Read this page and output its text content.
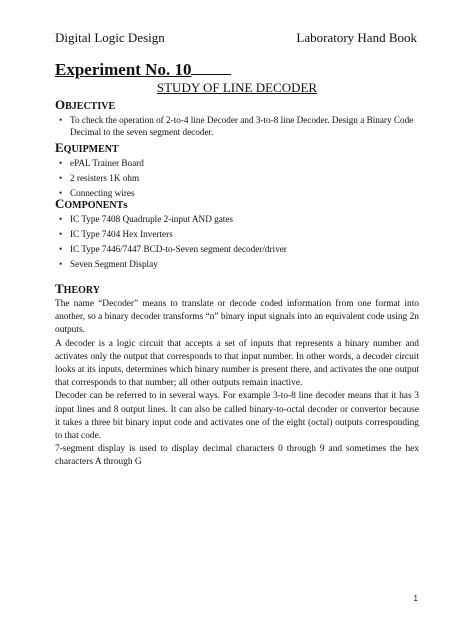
Digital Logic Design	Laboratory Hand Book
Experiment No. 10
STUDY OF LINE DECODER
OBJECTIVE
• To check the operation of 2-to-4 line Decoder and 3-to-8 line Decoder. Design a Binary Code Decimal to the seven segment decoder.
EQUIPMENT
• ePAL Trainer Board
• 2 resisters 1K ohm
• Connecting wires
COMPONENTs
• IC Type 7408 Quadruple 2-input AND gates
• IC Type 7404 Hex Inverters
• IC Type 7446/7447 BCD-to-Seven segment decoder/driver
• Seven Segment Display
THEORY

The name “Decoder” means to translate or decode coded information from one format into another, so a binary decoder transforms “n” binary input signals into an equivalent code using 2n outputs.

A decoder is a logic circuit that accepts a set of inputs that represents a binary number and activates only the output that corresponds to that input number. In other words, a decoder circuit looks at its inputs, determines which binary number is present there, and activates the one output that corresponds to that number; all other outputs remain inactive.

Decoder can be referred to in several ways. For example 3-to-8 line decoder means that it has 3 input lines and 8 output lines. It can also be called binary-to-octal decoder or convertor because it takes a three bit binary input code and activates one of the eight (octal) outputs corresponding to that code.

7-segment display is used to display decimal characters 0 through 9 and sometimes the hex characters A through G

1
